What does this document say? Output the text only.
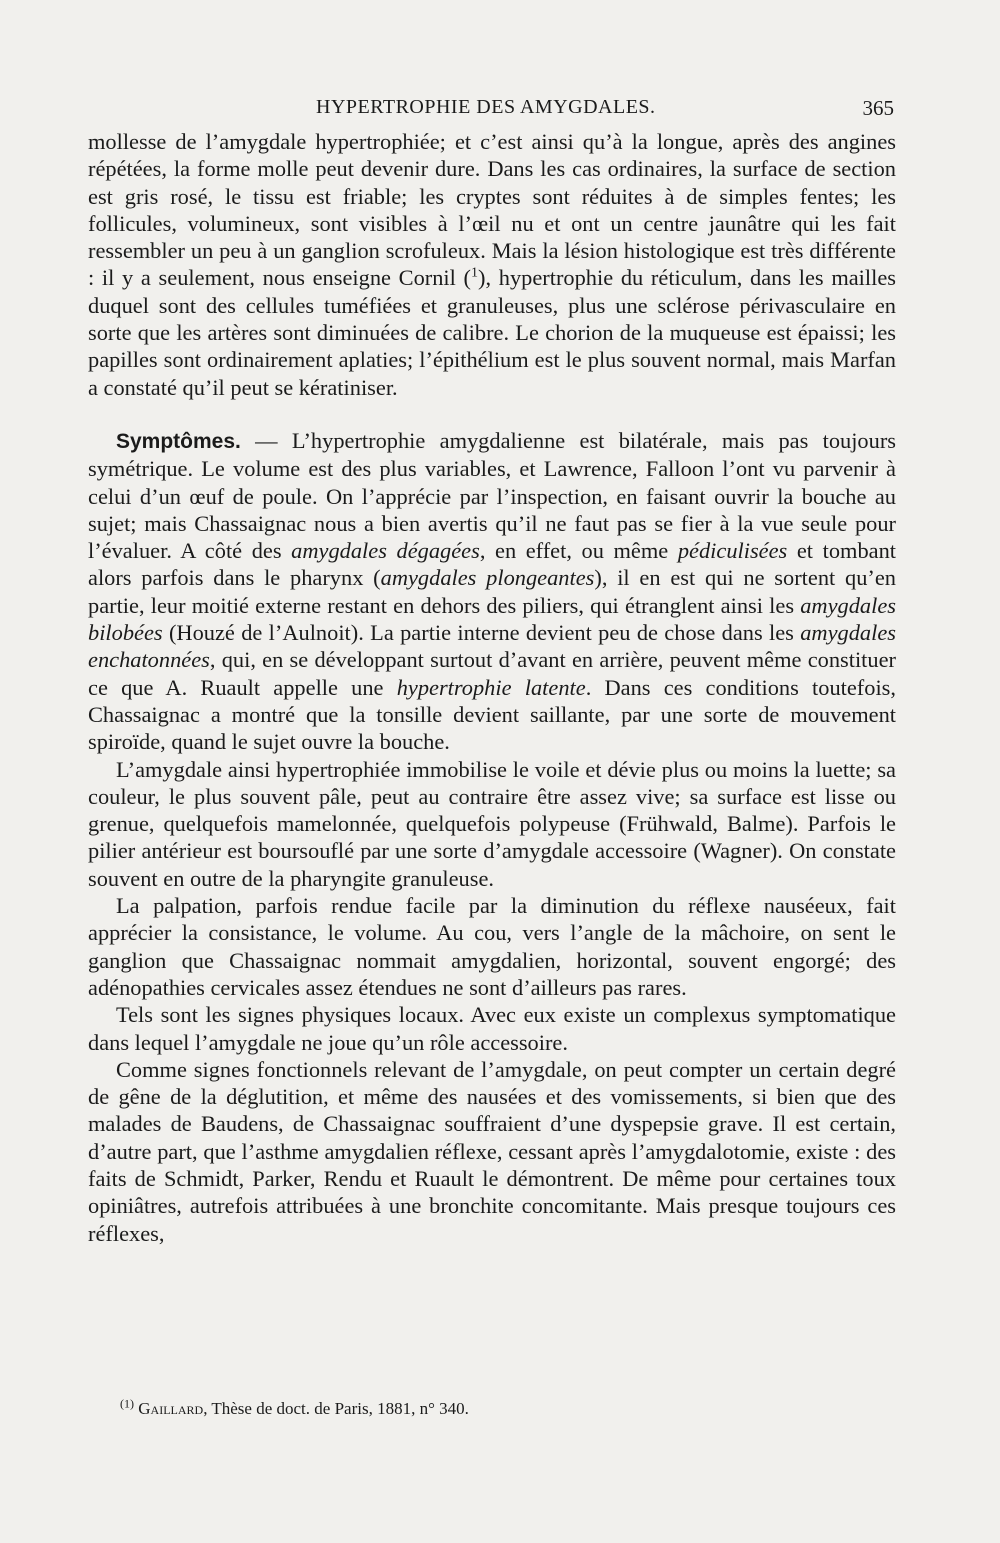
HYPERTROPHIE DES AMYGDALES.	365

mollesse de l’amygdale hypertrophiée; et c’est ainsi qu’à la longue, après des angines répétées, la forme molle peut devenir dure. Dans les cas ordinaires, la surface de section est gris rosé, le tissu est friable; les cryptes sont réduites à de simples fentes; les follicules, volumineux, sont visibles à l’œil nu et ont un centre jaunâtre qui les fait ressembler un peu à un ganglion scrofuleux. Mais la lésion histologique est très différente : il y a seulement, nous enseigne Cornil ($^1$), hypertrophie du réticulum, dans les mailles duquel sont des cellules tuméfiées et granuleuses, plus une sclérose périvasculaire en sorte que les artères sont diminuées de calibre. Le chorion de la muqueuse est épaissi; les papilles sont ordinairement aplaties; l’épithélium est le plus souvent normal, mais Marfan a constaté qu’il peut se kératiniser.

Symptômes. — L’hypertrophie amygdalienne est bilatérale, mais pas toujours symétrique. Le volume est des plus variables, et Lawrence, Falloon l’ont vu parvenir à celui d’un œuf de poule. On l’apprécie par l’inspection, en faisant ouvrir la bouche au sujet; mais Chassaignac nous a bien avertis qu’il ne faut pas se fier à la vue seule pour l’évaluer. A côté des amygdales dégagées, en effet, ou même pédiculisées et tombant alors parfois dans le pharynx (amygdales plongeantes), il en est qui ne sortent qu’en partie, leur moitié externe restant en dehors des piliers, qui étranglent ainsi les amygdales bilobées (Houzé de l’Aulnoit). La partie interne devient peu de chose dans les amygdales enchatonnées, qui, en se développant surtout d’avant en arrière, peuvent même constituer ce que A. Ruault appelle une hypertrophie latente. Dans ces conditions toutefois, Chassaignac a montré que la tonsille devient saillante, par une sorte de mouvement spiroïde, quand le sujet ouvre la bouche.

L’amygdale ainsi hypertrophiée immobilise le voile et dévie plus ou moins la luette; sa couleur, le plus souvent pâle, peut au contraire être assez vive; sa surface est lisse ou grenue, quelquefois mamelonnée, quelquefois polypeuse (Frühwald, Balme). Parfois le pilier antérieur est boursouflé par une sorte d’amygdale accessoire (Wagner). On constate souvent en outre de la pharyngite granuleuse.

La palpation, parfois rendue facile par la diminution du réflexe nauséeux, fait apprécier la consistance, le volume. Au cou, vers l’angle de la mâchoire, on sent le ganglion que Chassaignac nommait amygdalien, horizontal, souvent engorgé; des adénopathies cervicales assez étendues ne sont d’ailleurs pas rares.

Tels sont les signes physiques locaux. Avec eux existe un complexus symptomatique dans lequel l’amygdale ne joue qu’un rôle accessoire.

Comme signes fonctionnels relevant de l’amygdale, on peut compter un certain degré de gêne de la déglutition, et même des nausées et des vomissements, si bien que des malades de Baudens, de Chassaignac souffraient d’une dyspepsie grave. Il est certain, d’autre part, que l’asthme amygdalien réflexe, cessant après l’amygdalotomie, existe : des faits de Schmidt, Parker, Rendu et Ruault le démontrent. De même pour certaines toux opiniâtres, autrefois attribuées à une bronchite concomitante. Mais presque toujours ces réflexes,

$^{(1)}$ Gaillard, Thèse de doct. de Paris, 1881, n° 340.
